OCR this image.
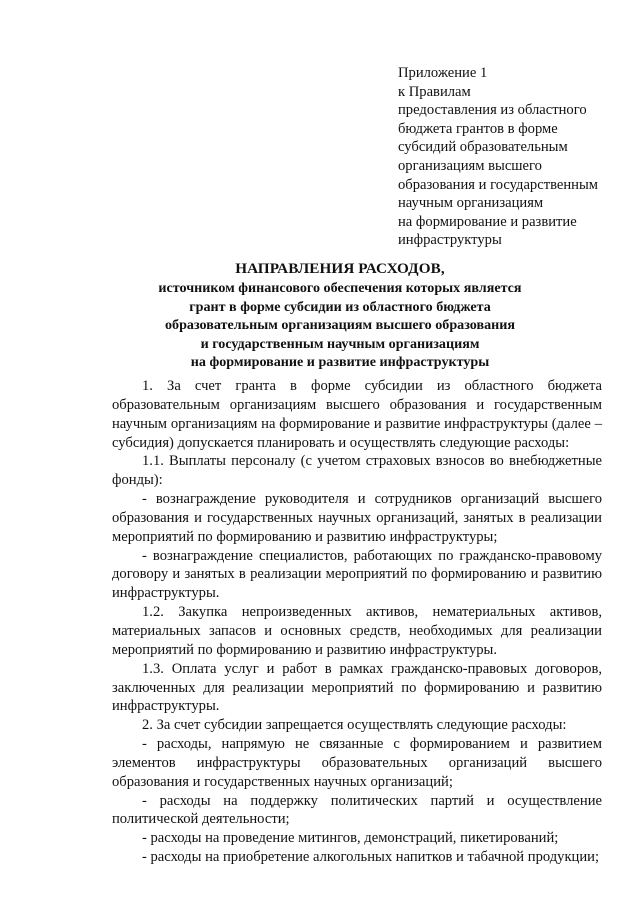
Приложение 1
к Правилам
предоставления из областного
бюджета грантов в форме
субсидий образовательным
организациям высшего
образования и государственным
научным организациям
на формирование и развитие
инфраструктуры
НАПРАВЛЕНИЯ РАСХОДОВ,
источником финансового обеспечения которых является
грант в форме субсидии из областного бюджета
образовательным организациям высшего образования
и государственным научным организациям
на формирование и развитие инфраструктуры
1. За счет гранта в форме субсидии из областного бюджета образовательным организациям высшего образования и государственным научным организациям на формирование и развитие инфраструктуры (далее – субсидия) допускается планировать и осуществлять следующие расходы:
1.1. Выплаты персоналу (с учетом страховых взносов во внебюджетные фонды):
- вознаграждение руководителя и сотрудников организаций высшего образования и государственных научных организаций, занятых в реализации мероприятий по формированию и развитию инфраструктуры;
- вознаграждение специалистов, работающих по гражданско-правовому договору и занятых в реализации мероприятий по формированию и развитию инфраструктуры.
1.2. Закупка непроизведенных активов, нематериальных активов, материальных запасов и основных средств, необходимых для реализации мероприятий по формированию и развитию инфраструктуры.
1.3. Оплата услуг и работ в рамках гражданско-правовых договоров, заключенных для реализации мероприятий по формированию и развитию инфраструктуры.
2. За счет субсидии запрещается осуществлять следующие расходы:
- расходы, напрямую не связанные с формированием и развитием элементов инфраструктуры образовательных организаций высшего образования и государственных научных организаций;
- расходы на поддержку политических партий и осуществление политической деятельности;
- расходы на проведение митингов, демонстраций, пикетирований;
- расходы на приобретение алкогольных напитков и табачной продукции;
